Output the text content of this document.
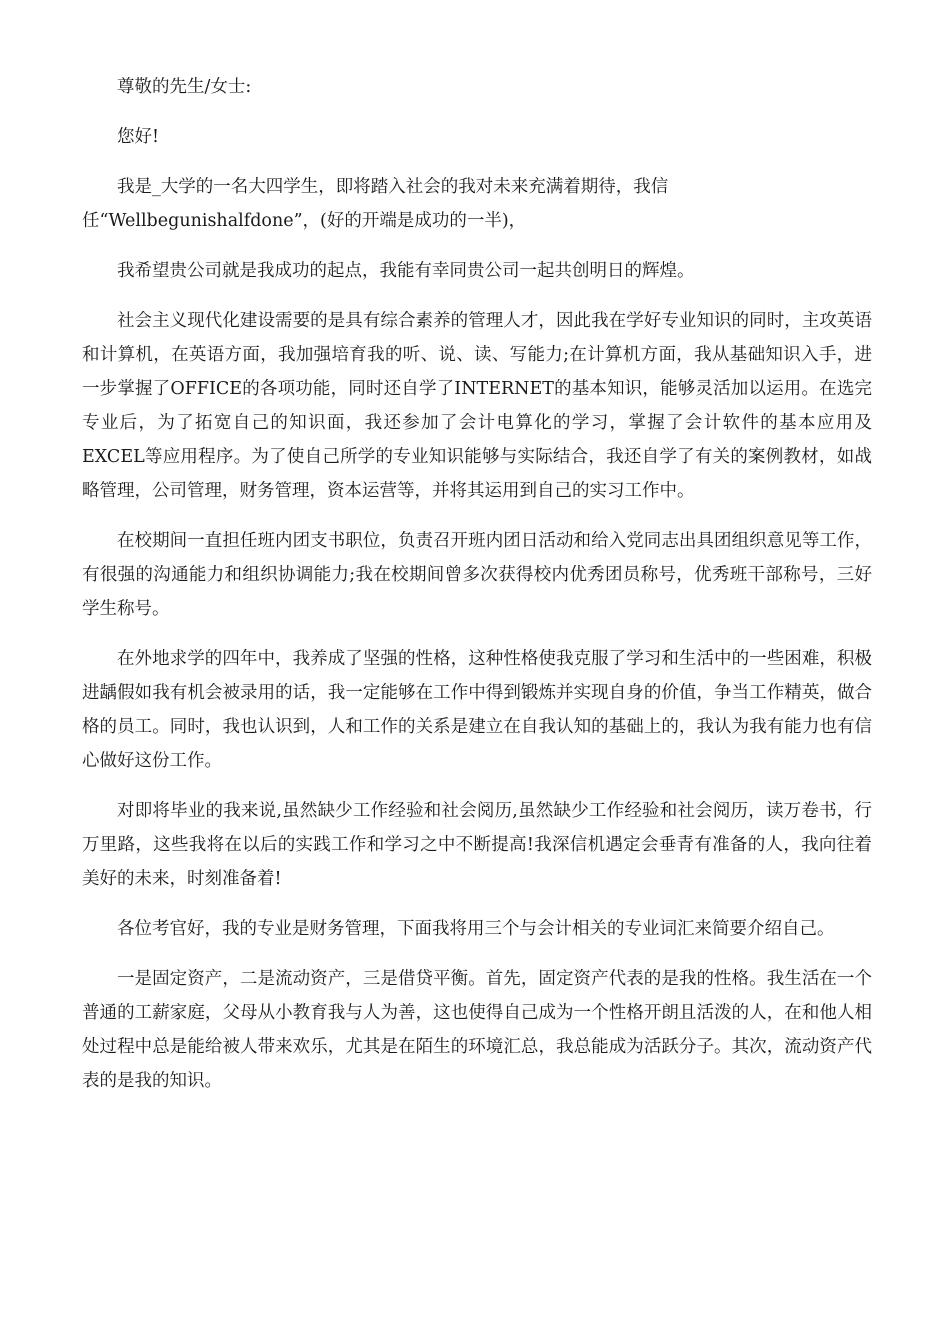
尊敬的先生/女士:

您好!

我是_大学的一名大四学生，即将踏入社会的我对未来充满着期待，我信
任“Wellbegunishalfdone”，(好的开端是成功的一半)，

我希望贵公司就是我成功的起点，我能有幸同贵公司一起共创明日的辉煌。

社会主义现代化建设需要的是具有综合素养的管理人才，因此我在学好专业知识的同时，主攻英语和计算机，在英语方面，我加强培育我的听、说、读、写能力;在计算机方面，我从基础知识入手，进一步掌握了OFFICE的各项功能，同时还自学了INTERNET的基本知识，能够灵活加以运用。在选完专业后，为了拓宽自己的知识面，我还参加了会计电算化的学习，掌握了会计软件的基本应用及EXCEL等应用程序。为了使自己所学的专业知识能够与实际结合，我还自学了有关的案例教材，如战略管理，公司管理，财务管理，资本运营等，并将其运用到自己的实习工作中。

在校期间一直担任班内团支书职位，负责召开班内团日活动和给入党同志出具团组织意见等工作，有很强的沟通能力和组织协调能力;我在校期间曾多次获得校内优秀团员称号，优秀班干部称号，三好学生称号。

在外地求学的四年中，我养成了坚强的性格，这种性格使我克服了学习和生活中的一些困难，积极进龋假如我有机会被录用的话，我一定能够在工作中得到锻炼并实现自身的价值，争当工作精英，做合格的员工。同时，我也认识到，人和工作的关系是建立在自我认知的基础上的，我认为我有能力也有信心做好这份工作。

对即将毕业的我来说,虽然缺少工作经验和社会阅历,虽然缺少工作经验和社会阅历，读万卷书，行万里路，这些我将在以后的实践工作和学习之中不断提高!我深信机遇定会垂青有准备的人，我向往着美好的未来，时刻准备着!

各位考官好，我的专业是财务管理，下面我将用三个与会计相关的专业词汇来简要介绍自己。

一是固定资产，二是流动资产，三是借贷平衡。首先，固定资产代表的是我的性格。我生活在一个普通的工薪家庭，父母从小教育我与人为善，这也使得自己成为一个性格开朗且活泼的人，在和他人相处过程中总是能给被人带来欢乐，尤其是在陌生的环境汇总，我总能成为活跃分子。其次，流动资产代表的是我的知识。
